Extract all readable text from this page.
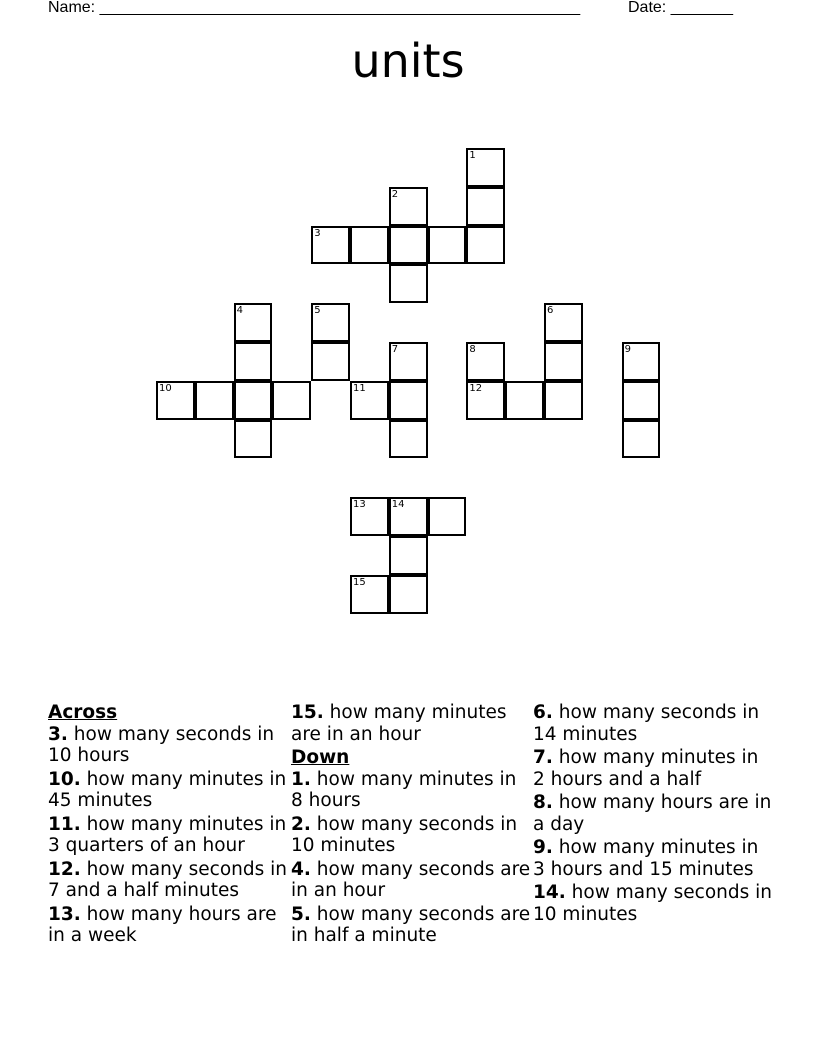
Name: ______________________________________________________	Date: _______
units
1
2
3
4	5	6
7	8
12
9
10	11
13	14
15
Across
3. how many seconds in 10 hours
10. how many minutes in 45 minutes
11. how many minutes in 3 quarters of an hour
12. how many seconds in 7 and a half minutes
13. how many hours are in a week
15. how many minutes are in an hour
Down
1. how many minutes in 8 hours
2. how many seconds in 10 minutes
4. how many seconds are in an hour
5. how many seconds are in half a minute
6. how many seconds in 14 minutes
7. how many minutes in 2 hours and a half
8. how many hours are in a day
9. how many minutes in 3 hours and 15 minutes
14. how many seconds in 10 minutes
